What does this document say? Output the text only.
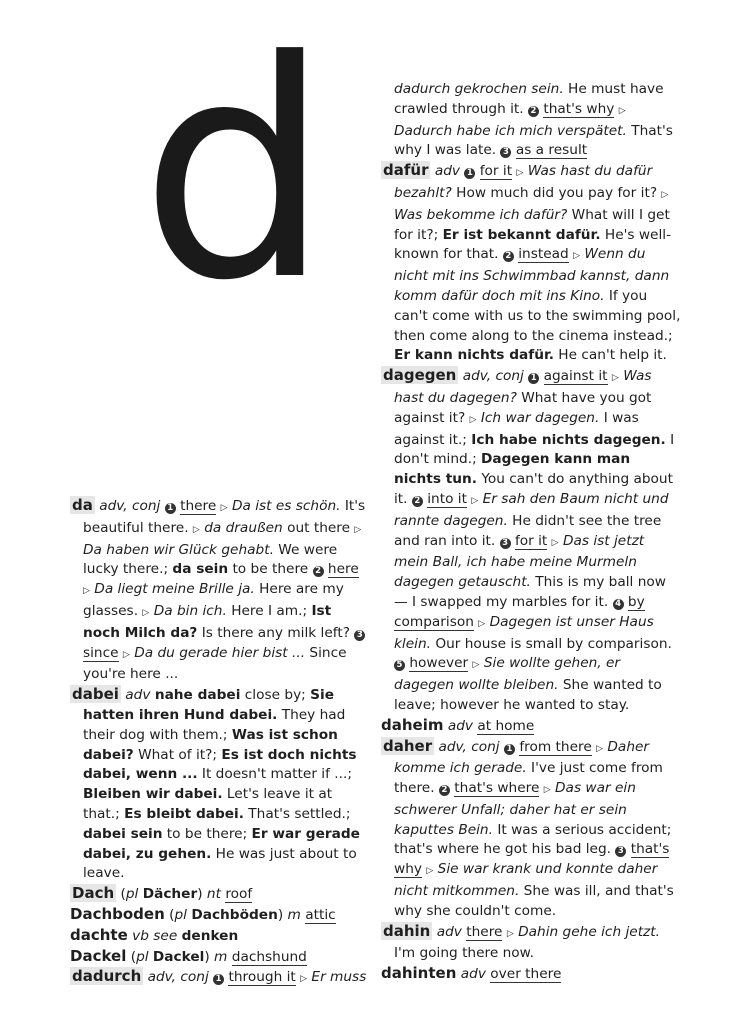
d

da adv, conj 1 there ▷ Da ist es schön. It's beautiful there. ▷ da draußen out there ▷ Da haben wir Glück gehabt. We were lucky there.; da sein to be there 2 here ▷ Da liegt meine Brille ja. Here are my glasses. ▷ Da bin ich. Here I am.; Ist noch Milch da? Is there any milk left? 3 since ▷ Da du gerade hier bist ... Since you're here ...

dabei adv nahe dabei close by; Sie hatten ihren Hund dabei. They had their dog with them.; Was ist schon dabei? What of it?; Es ist doch nichts dabei, wenn ... It doesn't matter if ...; Bleiben wir dabei. Let's leave it at that.; Es bleibt dabei. That's settled.; dabei sein to be there; Er war gerade dabei, zu gehen. He was just about to leave.

Dach (pl Dächer) nt roof

Dachboden (pl Dachböden) m attic

dachte vb see denken

Dackel (pl Dackel) m dachshund

dadurch adv, conj 1 through it ▷ Er muss

dadurch gekrochen sein. He must have crawled through it. 2 that's why ▷ Dadurch habe ich mich verspätet. That's why I was late. 3 as a result

dafür adv 1 for it ▷ Was hast du dafür bezahlt? How much did you pay for it? ▷ Was bekomme ich dafür? What will I get for it?; Er ist bekannt dafür. He's well-known for that. 2 instead ▷ Wenn du nicht mit ins Schwimmbad kannst, dann komm dafür doch mit ins Kino. If you can't come with us to the swimming pool, then come along to the cinema instead.; Er kann nichts dafür. He can't help it.

dagegen adv, conj 1 against it ▷ Was hast du dagegen? What have you got against it? ▷ Ich war dagegen. I was against it.; Ich habe nichts dagegen. I don't mind.; Dagegen kann man nichts tun. You can't do anything about it. 2 into it ▷ Er sah den Baum nicht und rannte dagegen. He didn't see the tree and ran into it. 3 for it ▷ Das ist jetzt mein Ball, ich habe meine Murmeln dagegen getauscht. This is my ball now — I swapped my marbles for it. 4 by comparison ▷ Dagegen ist unser Haus klein. Our house is small by comparison. 5 however ▷ Sie wollte gehen, er dagegen wollte bleiben. She wanted to leave; however he wanted to stay.

daheim adv at home

daher adv, conj 1 from there ▷ Daher komme ich gerade. I've just come from there. 2 that's where ▷ Das war ein schwerer Unfall; daher hat er sein kaputtes Bein. It was a serious accident; that's where he got his bad leg. 3 that's why ▷ Sie war krank und konnte daher nicht mitkommen. She was ill, and that's why she couldn't come.

dahin adv there ▷ Dahin gehe ich jetzt. I'm going there now.

dahinten adv over there
